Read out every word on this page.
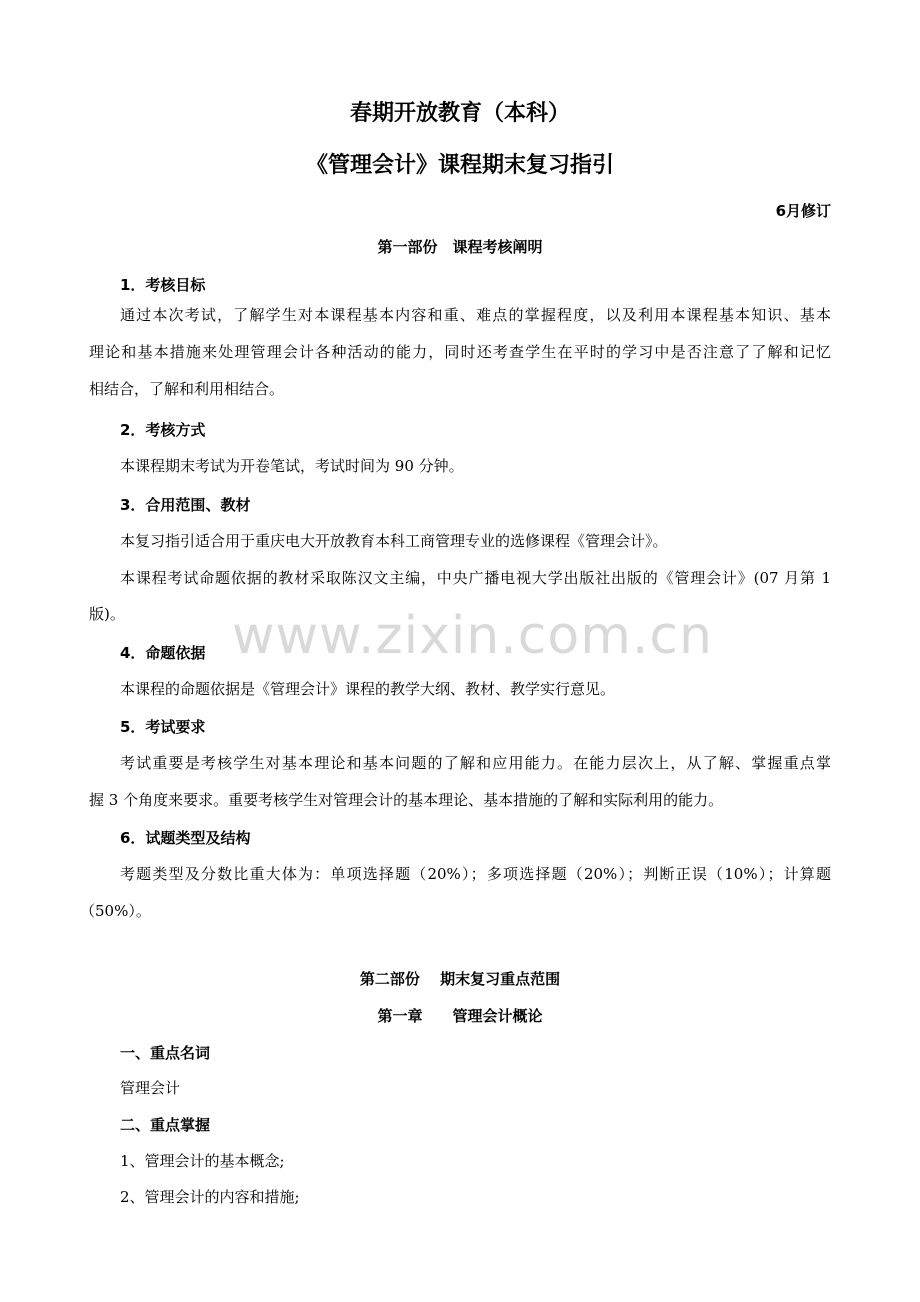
春期开放教育（本科）
《管理会计》课程期末复习指引
6月修订
第一部份　课程考核阐明
1．考核目标
通过本次考试，了解学生对本课程基本内容和重、难点的掌握程度，以及利用本课程基本知识、基本
理论和基本措施来处理管理会计各种活动的能力，同时还考查学生在平时的学习中是否注意了了解和记忆
相结合，了解和利用相结合。
2．考核方式
本课程期末考试为开卷笔试，考试时间为 90 分钟。
3．合用范围、教材
本复习指引适合用于重庆电大开放教育本科工商管理专业的选修课程《管理会计》。
本课程考试命题依据的教材采取陈汉文主编，中央广播电视大学出版社出版的《管理会计》(07 月第 1
版)。 www.zixin.com.cn
4．命题依据
本课程的命题依据是《管理会计》课程的教学大纲、教材、教学实行意见。
5．考试要求
考试重要是考核学生对基本理论和基本问题的了解和应用能力。在能力层次上，从了解、掌握重点掌
握 3 个角度来要求。重要考核学生对管理会计的基本理论、基本措施的了解和实际利用的能力。
6．试题类型及结构
考题类型及分数比重大体为：单项选择题（20%）；多项选择题（20%）；判断正误（10%）；计算题
（50%）。
第二部份　 期末复习重点范围
第一章　　管理会计概论
一、重点名词
管理会计
二、重点掌握
1、管理会计的基本概念;
2、管理会计的内容和措施;
